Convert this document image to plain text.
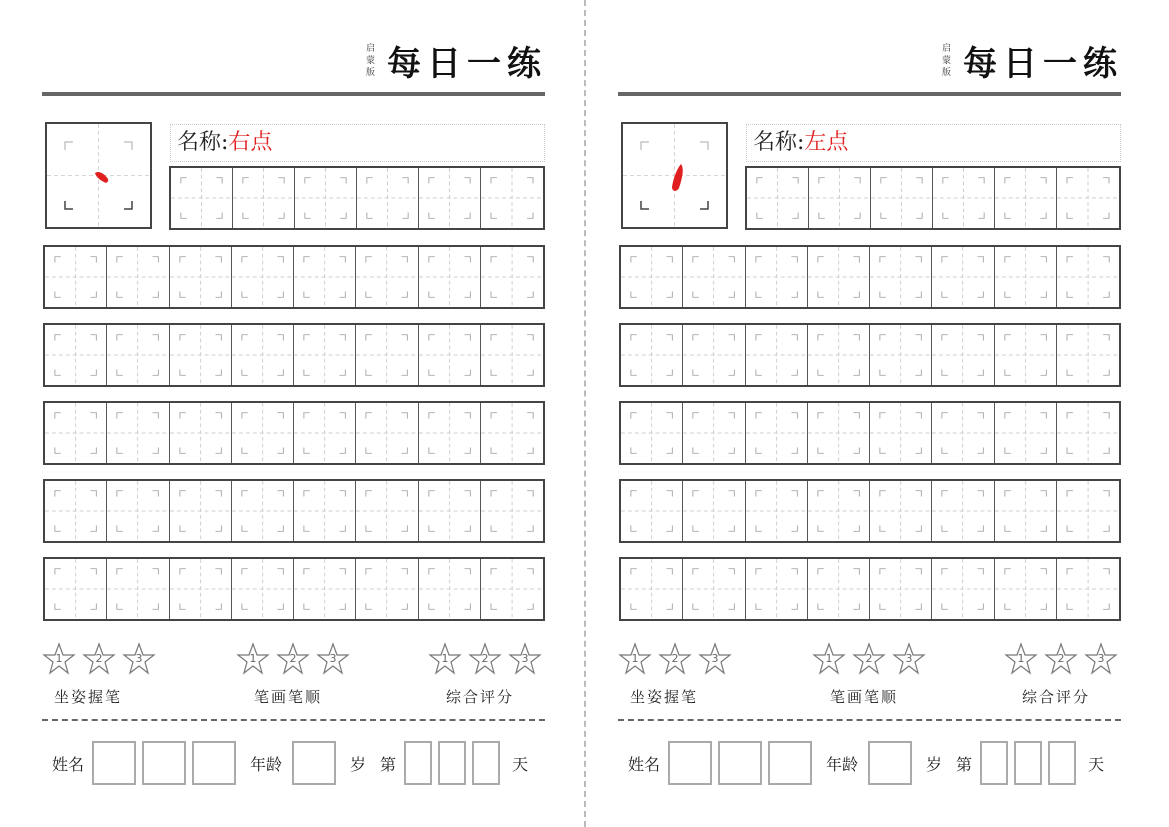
启
蒙
版 每日一练
名称:右点
1	2	3
坐姿握笔
1	2	3
笔画笔顺
1	2	3
综合评分
姓名	年龄	岁 第	天
启
蒙
版 每日一练
名称:左点
1	2	3
坐姿握笔
1	2	3
笔画笔顺
1	2	3
综合评分
姓名	年龄	岁 第	天
